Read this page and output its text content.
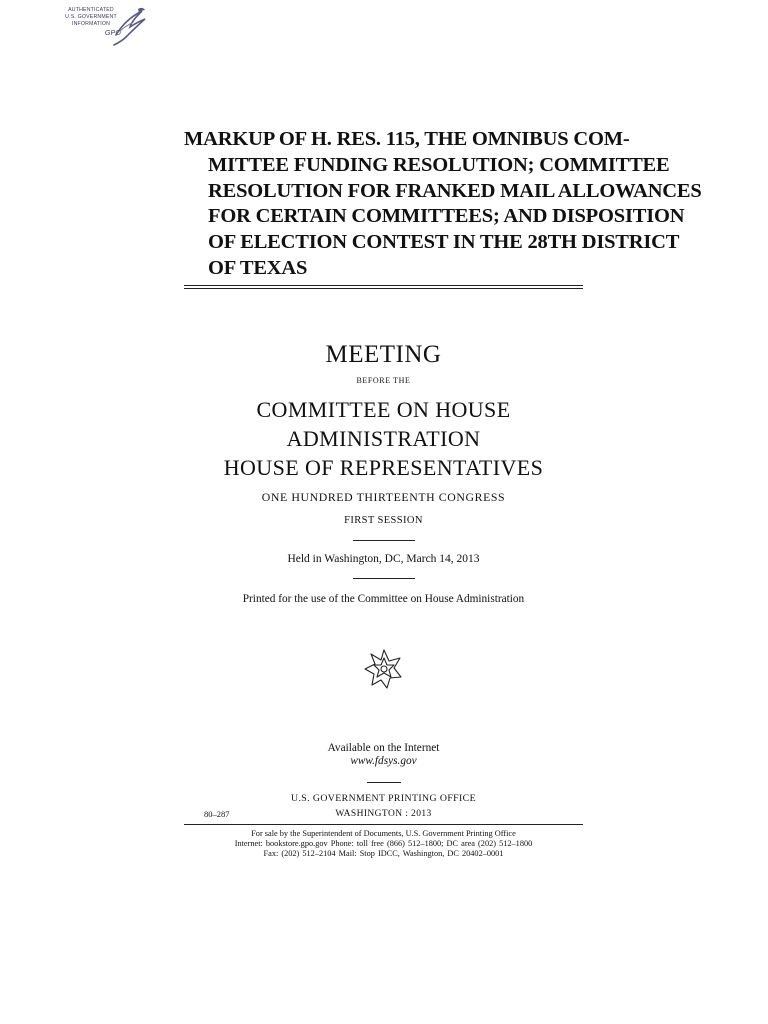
AUTHENTICATED
U.S. GOVERNMENT
INFORMATION
GPO
MARKUP OF H. RES. 115, THE OMNIBUS COM-
MITTEE FUNDING RESOLUTION; COMMITTEE
RESOLUTION FOR FRANKED MAIL ALLOWANCES
FOR CERTAIN COMMITTEES; AND DISPOSITION
OF ELECTION CONTEST IN THE 28TH DISTRICT
OF TEXAS
MEETING
BEFORE THE
COMMITTEE ON HOUSE
ADMINISTRATION
HOUSE OF REPRESENTATIVES
ONE HUNDRED THIRTEENTH CONGRESS
FIRST SESSION
Held in Washington, DC, March 14, 2013
Printed for the use of the Committee on House Administration
Available on the Internet
www.fdsys.gov
U.S. GOVERNMENT PRINTING OFFICE
80–287	WASHINGTON : 2013
For sale by the Superintendent of Documents, U.S. Government Printing Office
Internet: bookstore.gpo.gov Phone: toll free (866) 512–1800; DC area (202) 512–1800
Fax: (202) 512–2104 Mail: Stop IDCC, Washington, DC 20402–0001
